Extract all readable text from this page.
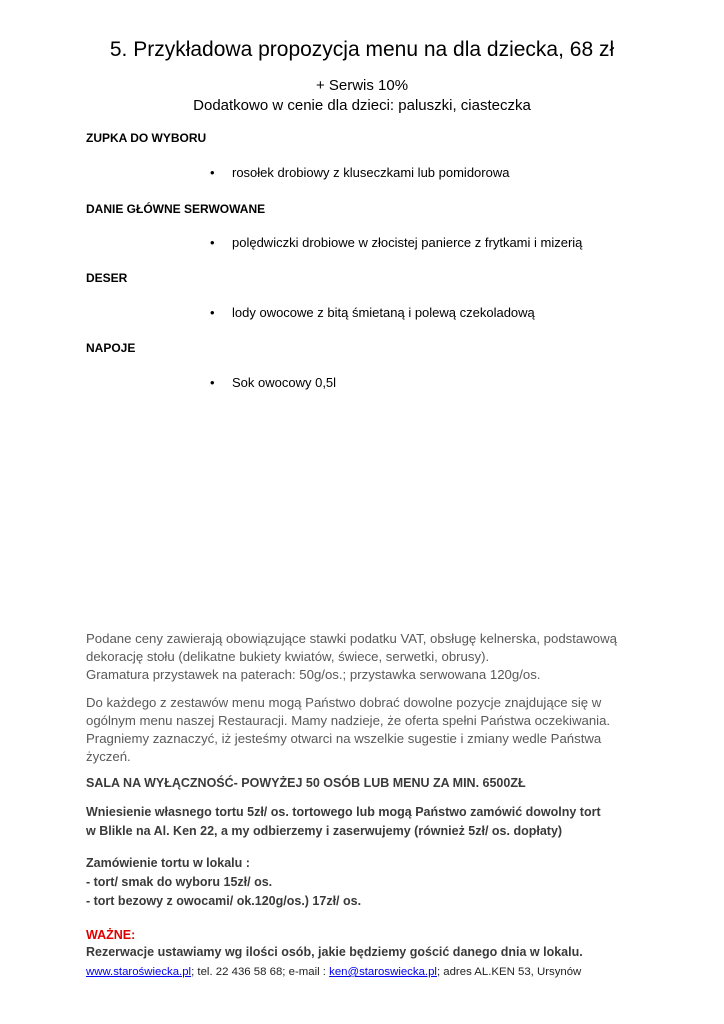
5. Przykładowa propozycja menu na dla dziecka, 68 zł
+ Serwis 10%
Dodatkowo w cenie dla dzieci: paluszki, ciasteczka
ZUPKA DO WYBORU
• rosołek drobiowy z kluseczkami lub pomidorowa
DANIE GŁÓWNE SERWOWANE
• polędwiczki drobiowe w złocistej panierce z frytkami i mizerią
DESER
• lody owocowe z bitą śmietaną i polewą czekoladową
NAPOJE
• Sok owocowy 0,5l

Podane ceny zawierają obowiązujące stawki podatku VAT, obsługę kelnerska, podstawową

dekorację stołu (delikatne bukiety kwiatów, świece, serwetki, obrusy).

Gramatura przystawek na paterach: 50g/os.; przystawka serwowana 120g/os.

Do każdego z zestawów menu mogą Państwo dobrać dowolne pozycje znajdujące się w

ogólnym menu naszej Restauracji. Mamy nadzieje, że oferta spełni Państwa oczekiwania.

Pragniemy zaznaczyć, iż jesteśmy otwarci na wszelkie sugestie i zmiany wedle Państwa

życzeń.

SALA NA WYŁĄCZNOŚĆ- POWYŻEJ 50 OSÓB LUB MENU ZA MIN. 6500ZŁ

Wniesienie własnego tortu 5zł/ os. tortowego lub mogą Państwo zamówić dowolny tort

w Blikle na Al. Ken 22, a my odbierzemy i zaserwujemy (również 5zł/ os. dopłaty)

Zamówienie tortu w lokalu :

- tort/ smak do wyboru 15zł/ os.

- tort bezowy z owocami/ ok.120g/os.) 17zł/ os.

WAŻNE:
Rezerwacje ustawiamy wg ilości osób, jakie będziemy gościć danego dnia w lokalu.
www.staroświecka.pl; tel. 22 436 58 68; e-mail : ken@staroswiecka.pl; adres AL.KEN 53, Ursynów
